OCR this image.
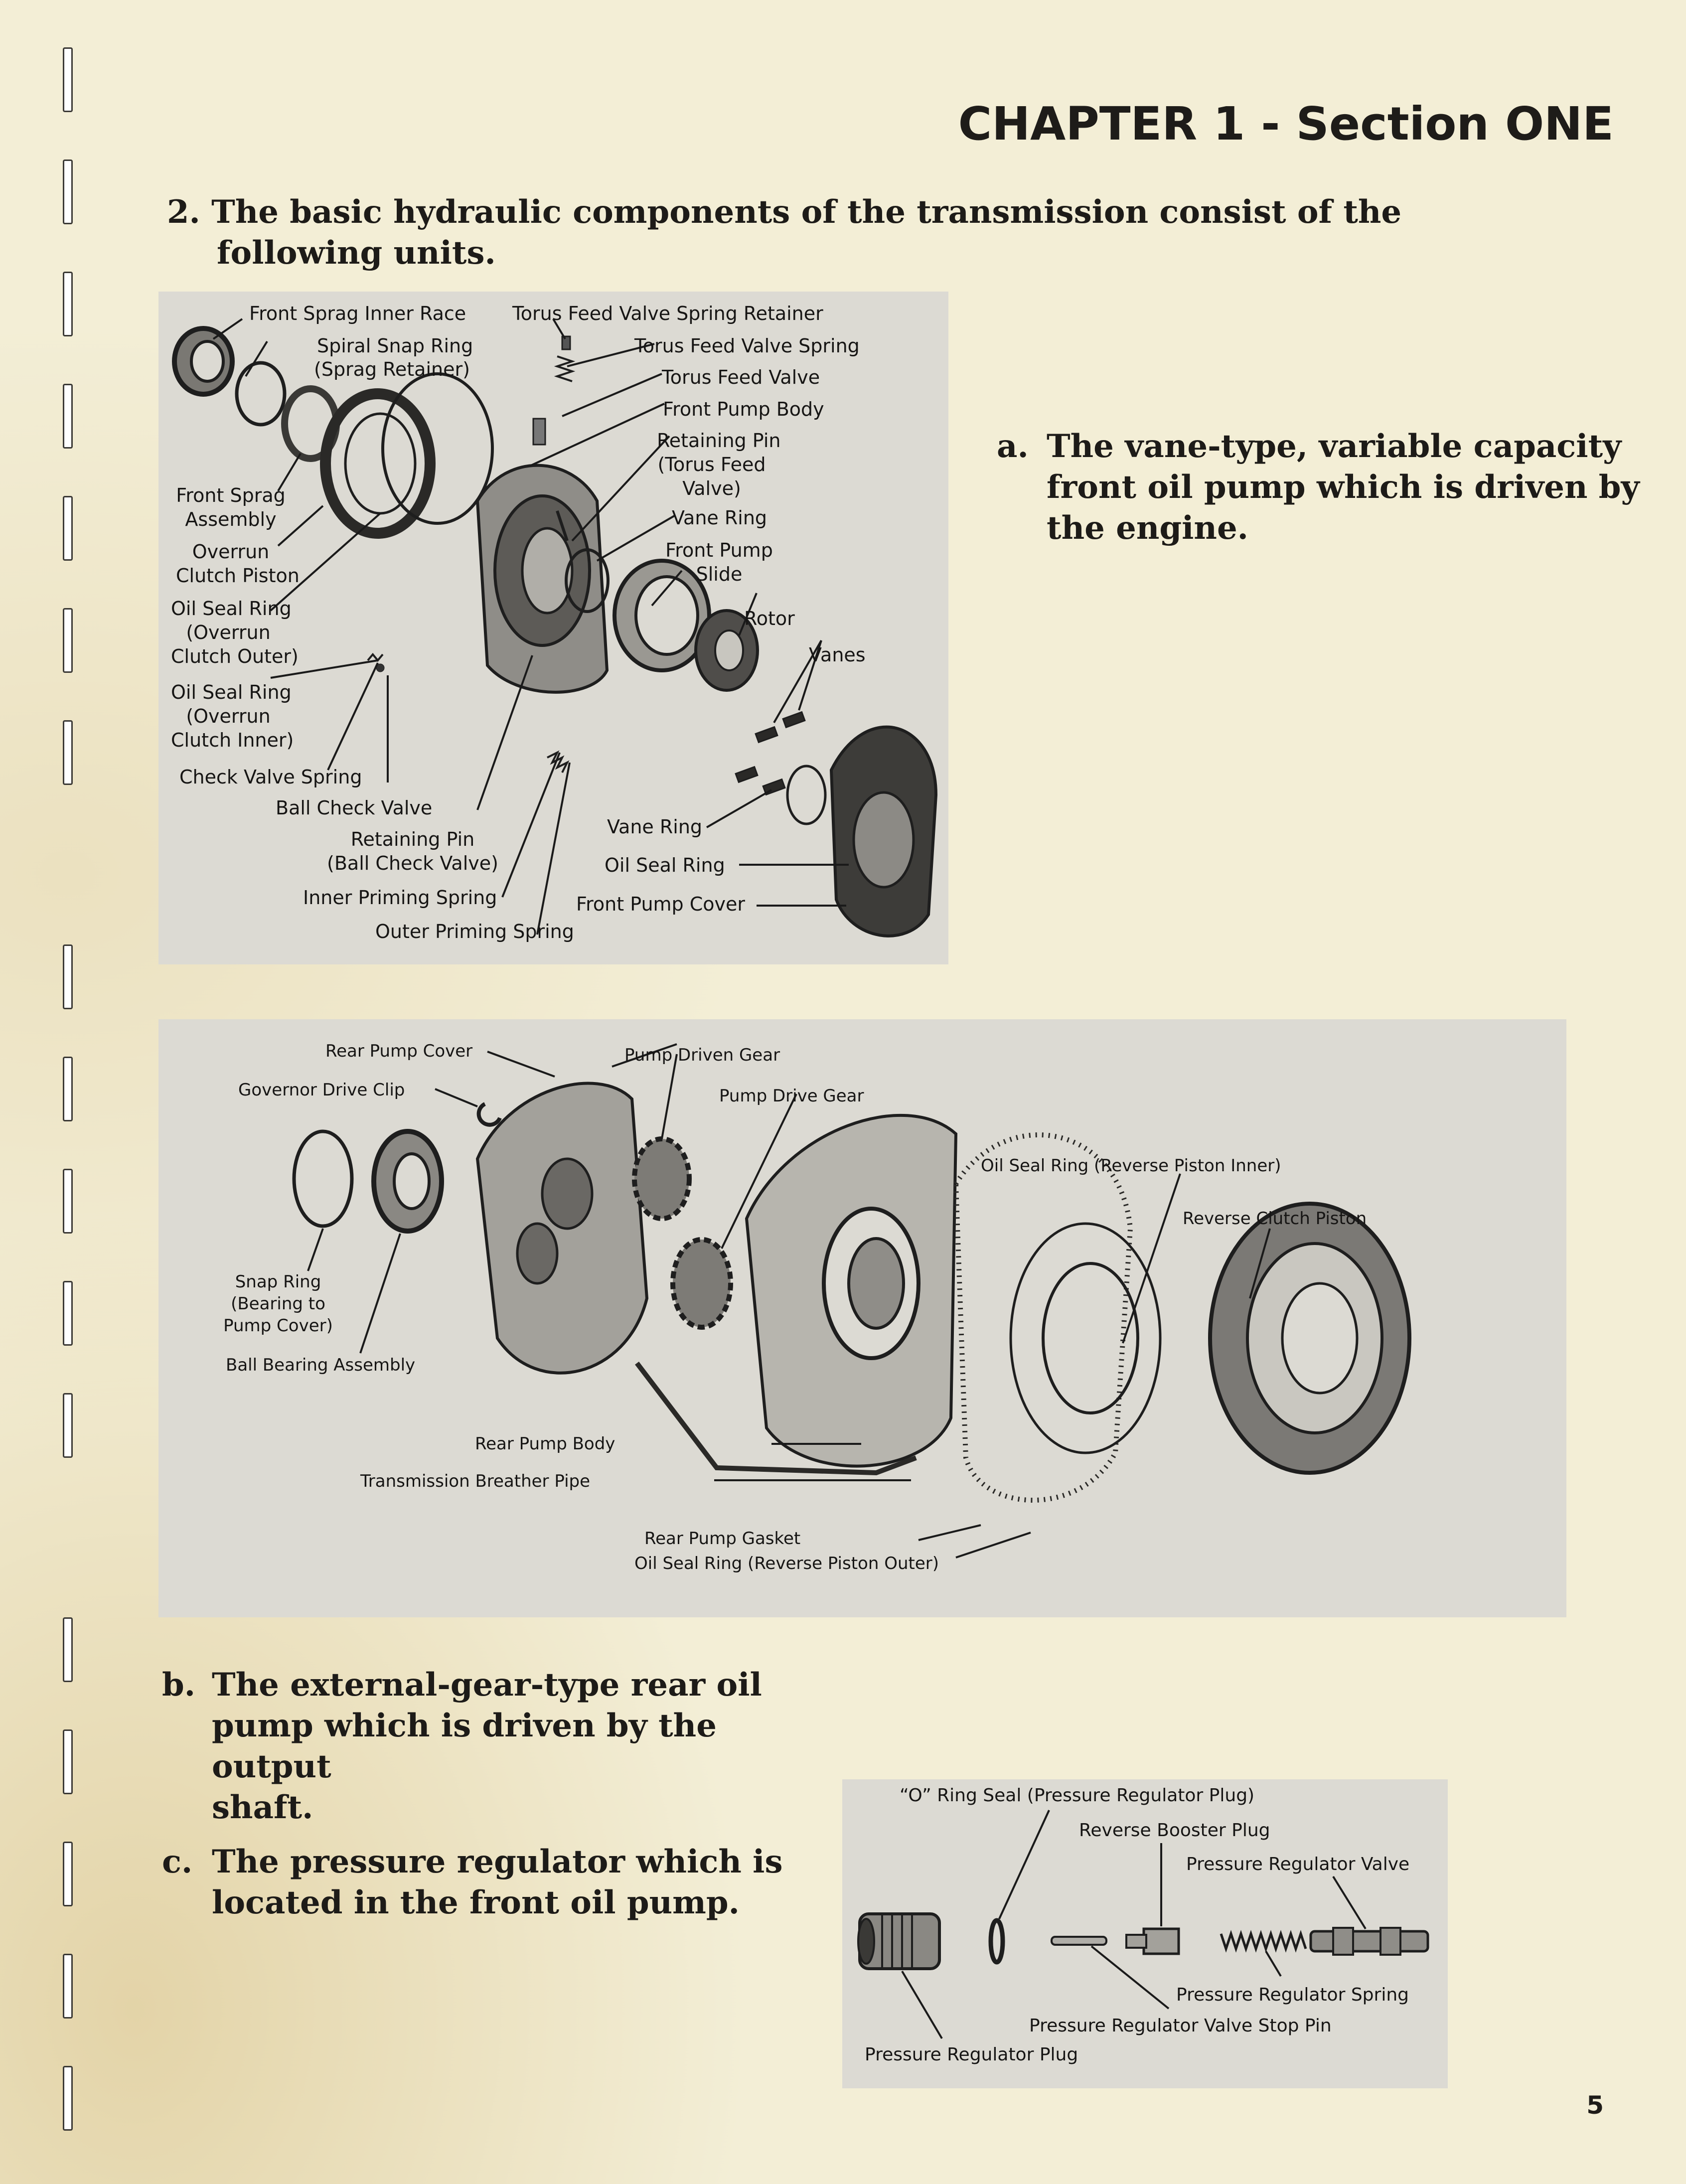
CHAPTER 1 - Section ONE
2. The basic hydraulic components of the transmission consist of the
following units.
a. The vane-type, variable capacity
front oil pump which is driven by
the engine.
b. The external-gear-type rear oil
pump which is driven by the output
shaft.
c. The pressure regulator which is
located in the front oil pump.
Front Sprag Inner Race Torus Feed Valve Spring Retainer
Spiral Snap Ring	Torus Feed Valve Spring
(Sprag Retainer)	Torus Feed Valve
Front Pump Body
Retaining Pin
(Torus Feed
Valve)
Front Sprag
Assembly	Vane Ring
Overrun
Clutch Piston
Front Pump
Slide
Rotor
Oil Seal Ring
(Overrun
Clutch Outer)	Vanes
Oil Seal Ring
(Overrun
Clutch Inner)
Check Valve Spring
Ball Check Valve
Vane Ring
Retaining Pin
(Ball Check Valve)	Oil Seal Ring
Inner Priming Spring	Front Pump Cover
Outer Priming Spring
Rear Pump Cover	Pump Driven Gear
Governor Drive Clip	Pump Drive Gear
Oil Seal Ring (Reverse Piston Inner)
Reverse Clutch Piston
Snap Ring
(Bearing to
Pump Cover)
Ball Bearing Assembly
Rear Pump Body
Transmission Breather Pipe
Rear Pump Gasket
Oil Seal Ring (Reverse Piston Outer)
“O” Ring Seal (Pressure Regulator Plug)
Reverse Booster Plug
Pressure Regulator Valve
Pressure Regulator Spring
Pressure Regulator Valve Stop Pin
Pressure Regulator Plug
5
